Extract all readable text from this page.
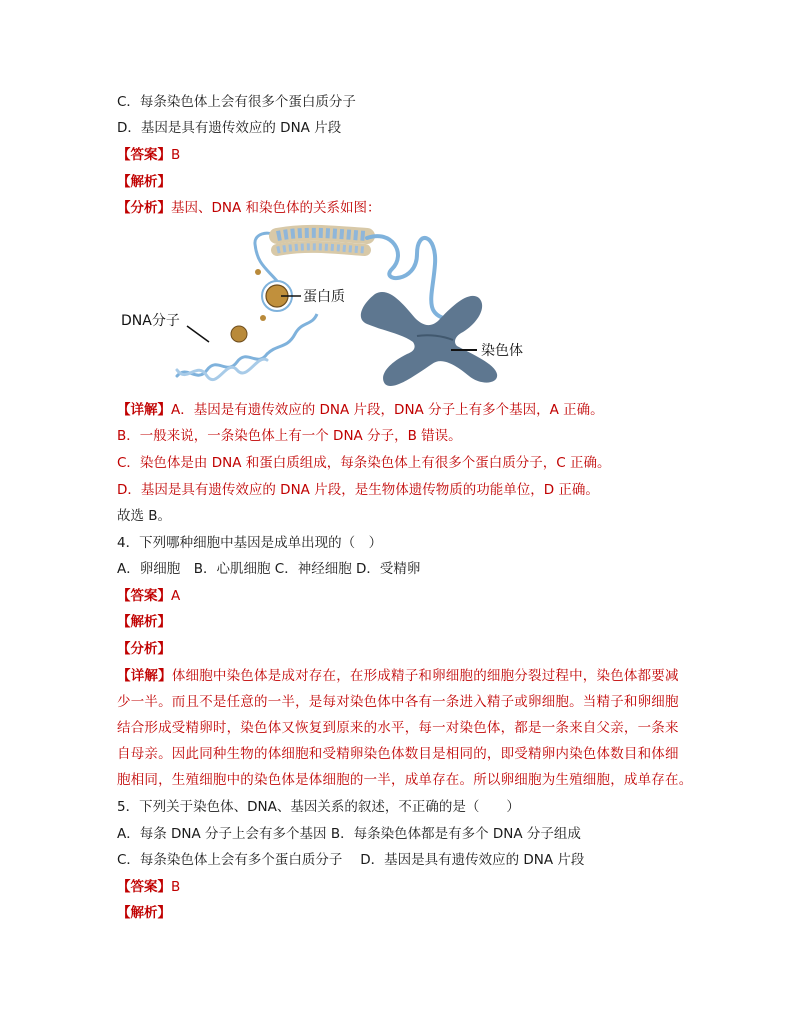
C．每条染色体上会有很多个蛋白质分子
D．基因是具有遗传效应的 DNA 片段
【答案】B
【解析】
【分析】基因、DNA 和染色体的关系如图：
蛋白质
DNA分子
染色体
【详解】A．基因是有遗传效应的 DNA 片段，DNA 分子上有多个基因，A 正确。
B．一般来说，一条染色体上有一个 DNA 分子，B 错误。
C．染色体是由 DNA 和蛋白质组成，每条染色体上有很多个蛋白质分子，C 正确。
D．基因是具有遗传效应的 DNA 片段，是生物体遗传物质的功能单位，D 正确。
故选 B。
4．下列哪种细胞中基因是成单出现的（　）
A．卵细胞　B．心肌细胞 C．神经细胞 D．受精卵
【答案】A
【解析】
【分析】
【详解】体细胞中染色体是成对存在，在形成精子和卵细胞的细胞分裂过程中，染色体都要减
少一半。而且不是任意的一半，是每对染色体中各有一条进入精子或卵细胞。当精子和卵细胞
结合形成受精卵时，染色体又恢复到原来的水平，每一对染色体，都是一条来自父亲，一条来
自母亲。因此同种生物的体细胞和受精卵染色体数目是相同的，即受精卵内染色体数目和体细
胞相同，生殖细胞中的染色体是体细胞的一半，成单存在。所以卵细胞为生殖细胞，成单存在。
5．下列关于染色体、DNA、基因关系的叙述，不正确的是（　　）
A．每条 DNA 分子上会有多个基因 B．每条染色体都是有多个 DNA 分子组成
C．每条染色体上会有多个蛋白质分子　 D．基因是具有遗传效应的 DNA 片段
【答案】B
【解析】
